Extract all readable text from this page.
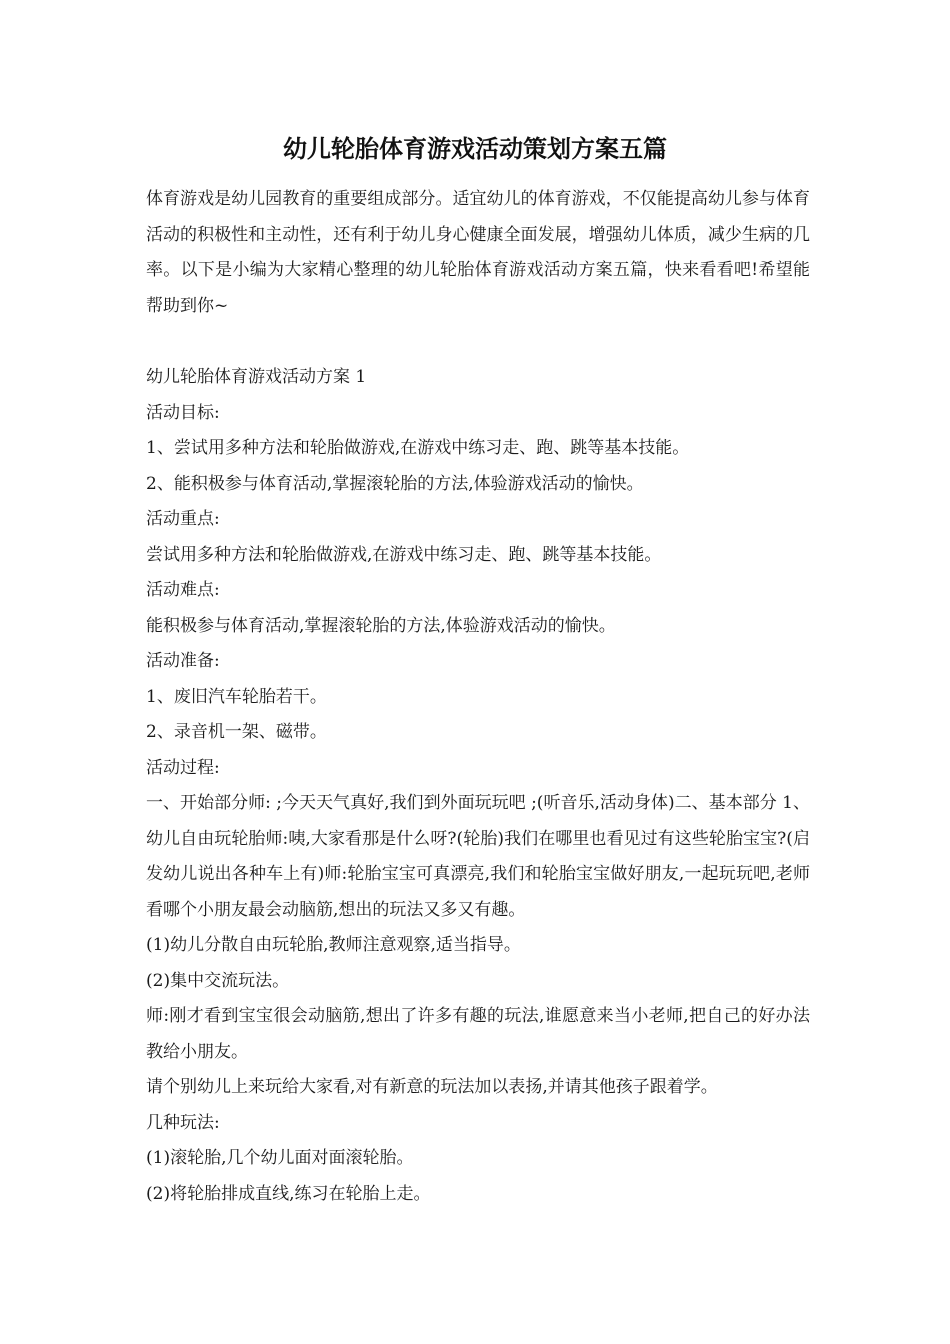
幼儿轮胎体育游戏活动策划方案五篇

体育游戏是幼儿园教育的重要组成部分。适宜幼儿的体育游戏，不仅能提高幼儿参与体育活动的积极性和主动性，还有利于幼儿身心健康全面发展，增强幼儿体质，减少生病的几率。以下是小编为大家精心整理的幼儿轮胎体育游戏活动方案五篇，快来看看吧!希望能帮助到你~

幼儿轮胎体育游戏活动方案 1

活动目标:

1、尝试用多种方法和轮胎做游戏,在游戏中练习走、跑、跳等基本技能。

2、能积极参与体育活动,掌握滚轮胎的方法,体验游戏活动的愉快。

活动重点:

尝试用多种方法和轮胎做游戏,在游戏中练习走、跑、跳等基本技能。

活动难点:

能积极参与体育活动,掌握滚轮胎的方法,体验游戏活动的愉快。

活动准备:

1、废旧汽车轮胎若干。

2、录音机一架、磁带。

活动过程:

一、开始部分师: ;今天天气真好,我们到外面玩玩吧 ;(听音乐,活动身体)二、基本部分 1、幼儿自由玩轮胎师:咦,大家看那是什么呀?(轮胎)我们在哪里也看见过有这些轮胎宝宝?(启发幼儿说出各种车上有)师:轮胎宝宝可真漂亮,我们和轮胎宝宝做好朋友,一起玩玩吧,老师看哪个小朋友最会动脑筋,想出的玩法又多又有趣。

(1)幼儿分散自由玩轮胎,教师注意观察,适当指导。

(2)集中交流玩法。

师:刚才看到宝宝很会动脑筋,想出了许多有趣的玩法,谁愿意来当小老师,把自己的好办法教给小朋友。

请个别幼儿上来玩给大家看,对有新意的玩法加以表扬,并请其他孩子跟着学。

几种玩法:

(1)滚轮胎,几个幼儿面对面滚轮胎。

(2)将轮胎排成直线,练习在轮胎上走。
